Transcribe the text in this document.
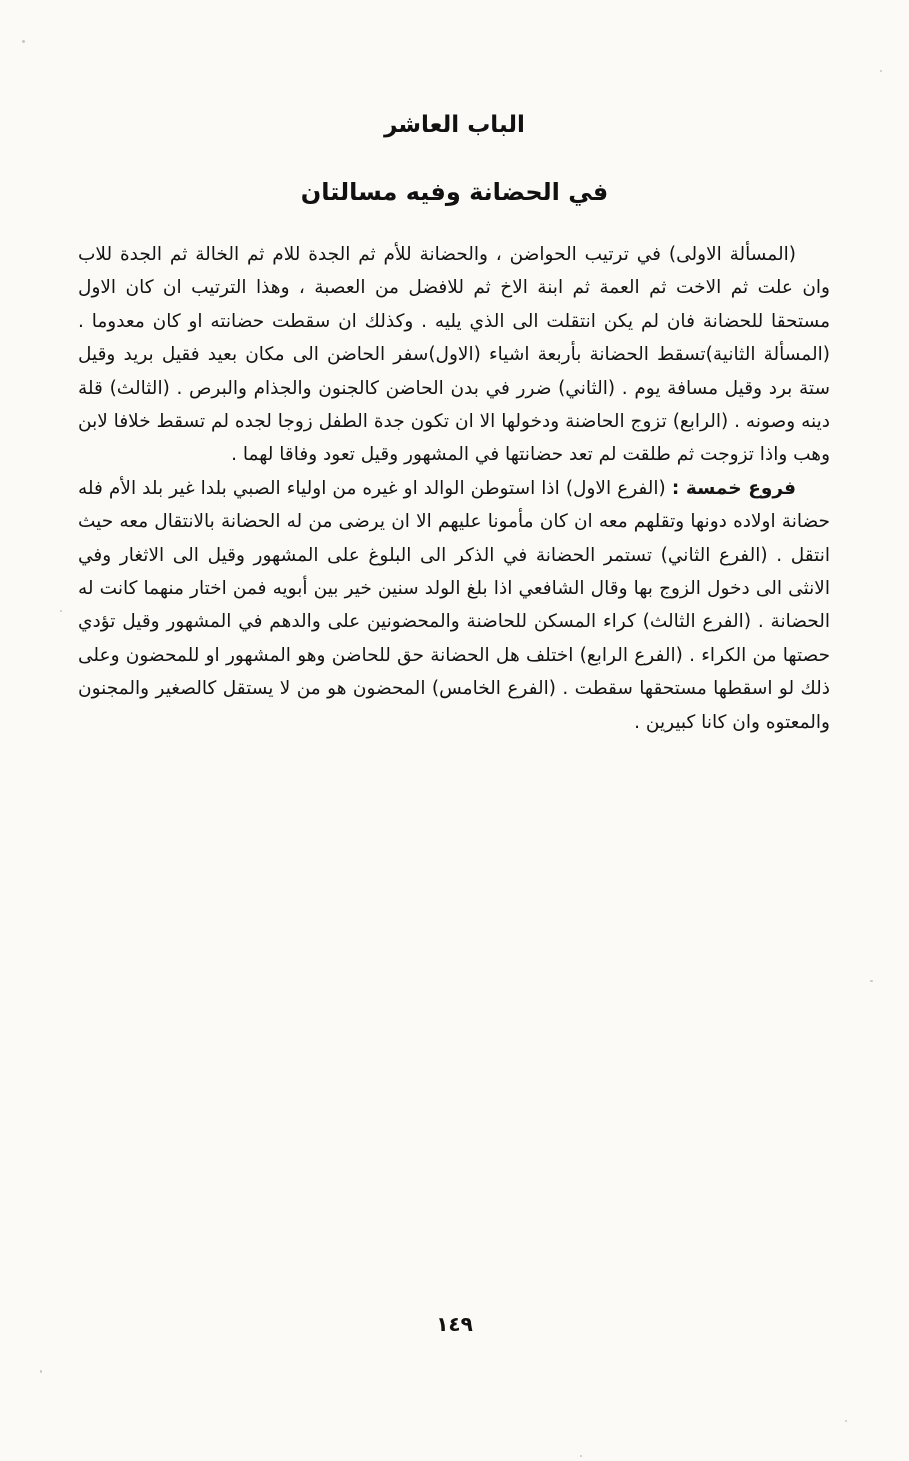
الباب العاشر
في الحضانة وفيه مسالتان

(المسألة الاولى) في ترتيب الحواضن ، والحضانة للأم ثم الجدة للام ثم الخالة ثم الجدة للاب وان علت ثم الاخت ثم العمة ثم ابنة الاخ ثم للافضل من العصبة ، وهذا الترتيب ان كان الاول مستحقا للحضانة فان لم يكن انتقلت الى الذي يليه . وكذلك ان سقطت حضانته او كان معدوما . (المسألة الثانية)تسقط الحضانة بأربعة اشياء (الاول)سفر الحاضن الى مكان بعيد فقيل بريد وقيل ستة برد وقيل مسافة يوم . (الثاني) ضرر في بدن الحاضن كالجنون والجذام والبرص . (الثالث) قلة دينه وصونه . (الرابع) تزوج الحاضنة ودخولها الا ان تكون جدة الطفل زوجا لجده لم تسقط خلافا لابن وهب واذا تزوجت ثم طلقت لم تعد حضانتها في المشهور وقيل تعود وفاقا لهما .

فروع خمسة : (الفرع الاول) اذا استوطن الوالد او غيره من اولياء الصبي بلدا غير بلد الأم فله حضانة اولاده دونها وتقلهم معه ان كان مأمونا عليهم الا ان يرضى من له الحضانة بالانتقال معه حيث انتقل . (الفرع الثاني) تستمر الحضانة في الذكر الى البلوغ على المشهور وقيل الى الاثغار وفي الانثى الى دخول الزوج بها وقال الشافعي اذا بلغ الولد سنين خير بين أبويه فمن اختار منهما كانت له الحضانة . (الفرع الثالث) كراء المسكن للحاضنة والمحضونين على والدهم في المشهور وقيل تؤدي حصتها من الكراء . (الفرع الرابع) اختلف هل الحضانة حق للحاضن وهو المشهور او للمحضون وعلى ذلك لو اسقطها مستحقها سقطت . (الفرع الخامس) المحضون هو من لا يستقل كالصغير والمجنون والمعتوه وان كانا كبيرين .

١٤٩
